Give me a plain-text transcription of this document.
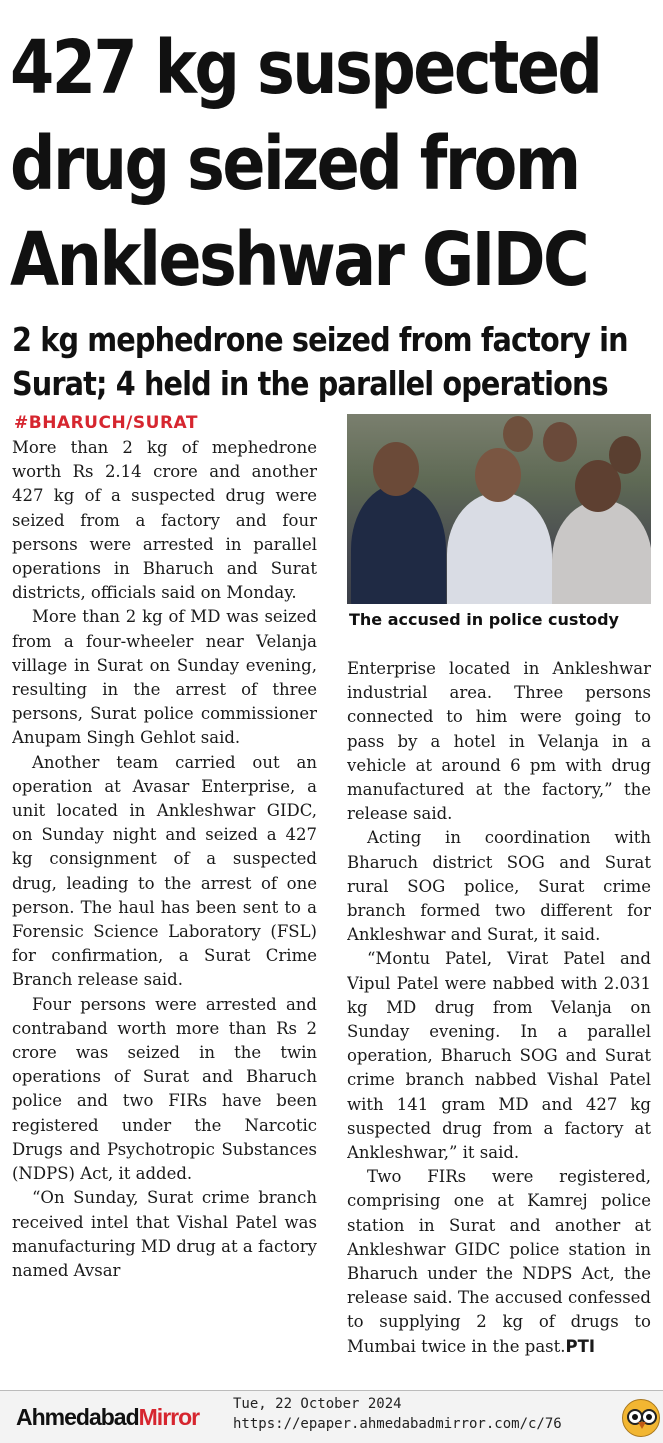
427 kg suspected
drug seized from
Ankleshwar GIDC
2 kg mephedrone seized from factory in
Surat; 4 held in the parallel operations
#BHARUCH/SURAT

More than 2 kg of mephedrone worth Rs 2.14 crore and another 427 kg of a suspected drug were seized from a factory and four persons were arrested in parallel operations in Bharuch and Surat districts, officials said on Monday.

More than 2 kg of MD was seized from a four-wheeler near Velanja village in Surat on Sunday evening, resulting in the arrest of three persons, Surat police commissioner Anupam Singh Gehlot said.

Another team carried out an operation at Avasar Enterprise, a unit located in Ankleshwar GIDC, on Sunday night and seized a 427 kg consignment of a suspected drug, leading to the arrest of one person. The haul has been sent to a Forensic Science Laboratory (FSL) for confirmation, a Surat Crime Branch release said.

Four persons were arrested and contraband worth more than Rs 2 crore was seized in the twin operations of Surat and Bharuch police and two FIRs have been registered under the Narcotic Drugs and Psychotropic Substances (NDPS) Act, it added.

“On Sunday, Surat crime branch received intel that Vishal Patel was manufacturing MD drug at a factory named Avsar

The accused in police custody

Enterprise located in Ankleshwar industrial area. Three persons connected to him were going to pass by a hotel in Velanja in a vehicle at around 6 pm with drug manufactured at the factory,” the release said.

Acting in coordination with Bharuch district SOG and Surat rural SOG police, Surat crime branch formed two different for Ankleshwar and Surat, it said.

“Montu Patel, Virat Patel and Vipul Patel were nabbed with 2.031 kg MD drug from Velanja on Sunday evening. In a parallel operation, Bharuch SOG and Surat crime branch nabbed Vishal Patel with 141 gram MD and 427 kg suspected drug from a factory at Ankleshwar,” it said.

Two FIRs were registered, comprising one at Kamrej police station in Surat and another at Ankleshwar GIDC police station in Bharuch under the NDPS Act, the release said. The accused confessed to supplying 2 kg of drugs to Mumbai twice in the past.PTI

AhmedabadMirror Tue, 22 October 2024
https://epaper.ahmedabadmirror.com/c/76
